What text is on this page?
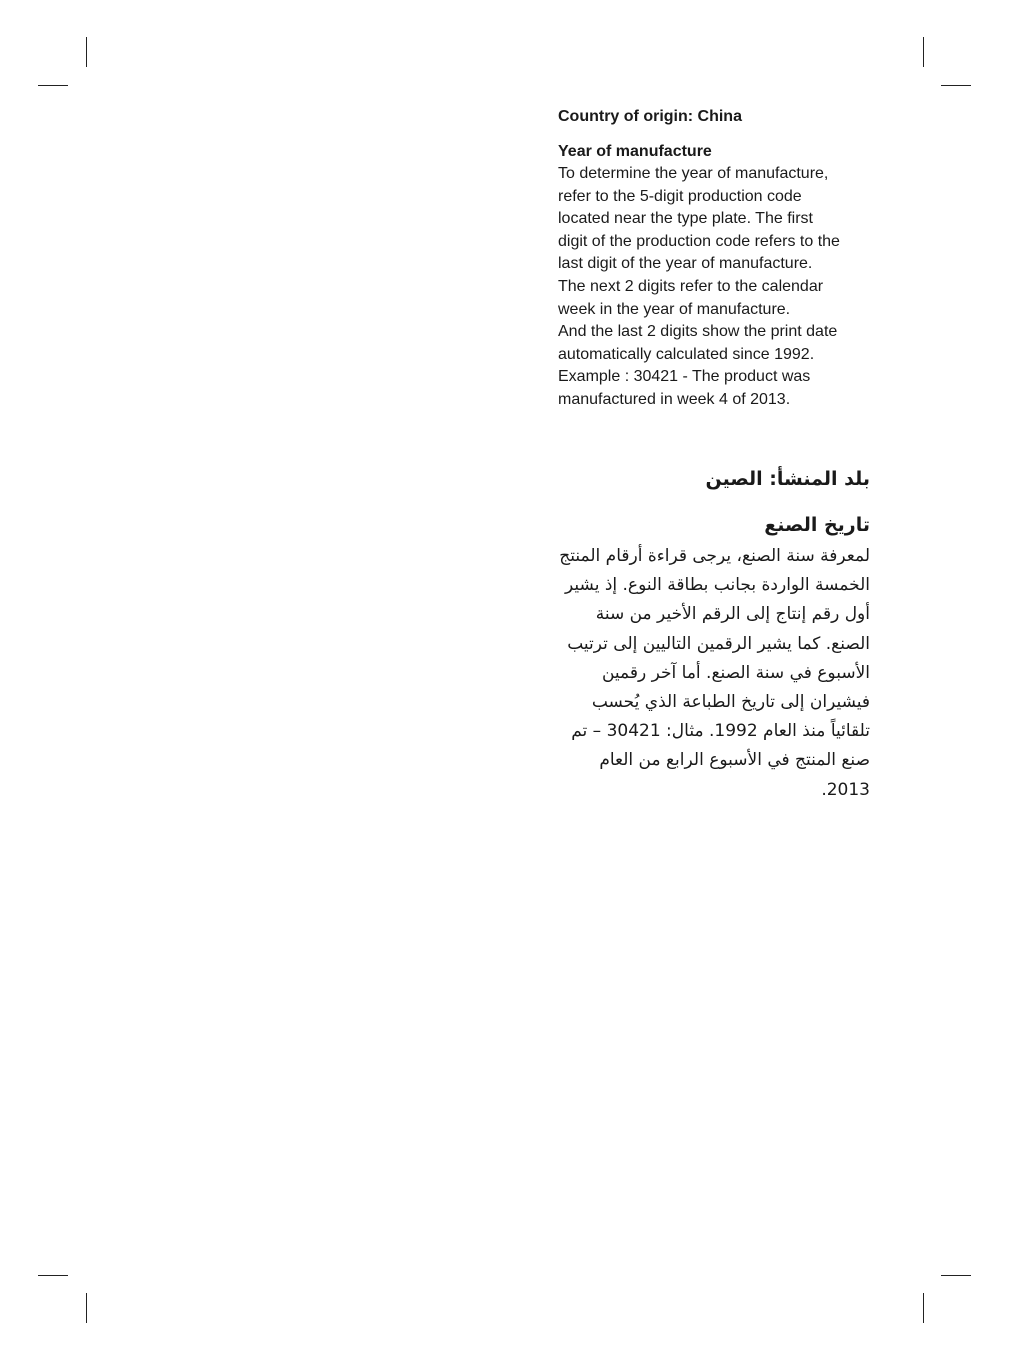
Country of origin: China

Year of manufacture

To determine the year of manufacture,

refer to the 5-digit production code

located near the type plate. The first

digit of the production code refers to the

last digit of the year of manufacture.

The next 2 digits refer to the calendar

week in the year of manufacture.

And the last 2 digits show the print date

automatically calculated since 1992.

Example : 30421 - The product was

manufactured in week 4 of 2013.

بلد المنشأ: الصين

تاريخ الصنع

لمعرفة سنة الصنع، يرجى قراءة أرقام المنتج

الخمسة الواردة بجانب بطاقة النوع. إذ يشير

أول رقم إنتاج إلى الرقم الأخير من سنة

الصنع. كما يشير الرقمين التاليين إلى ترتيب

الأسبوع في سنة الصنع. أما آخر رقمين

فيشيران إلى تاريخ الطباعة الذي يُحسب

تلقائياً منذ العام 1992. مثال: 30421 – تم

صنع المنتج في الأسبوع الرابع من العام

2013.
